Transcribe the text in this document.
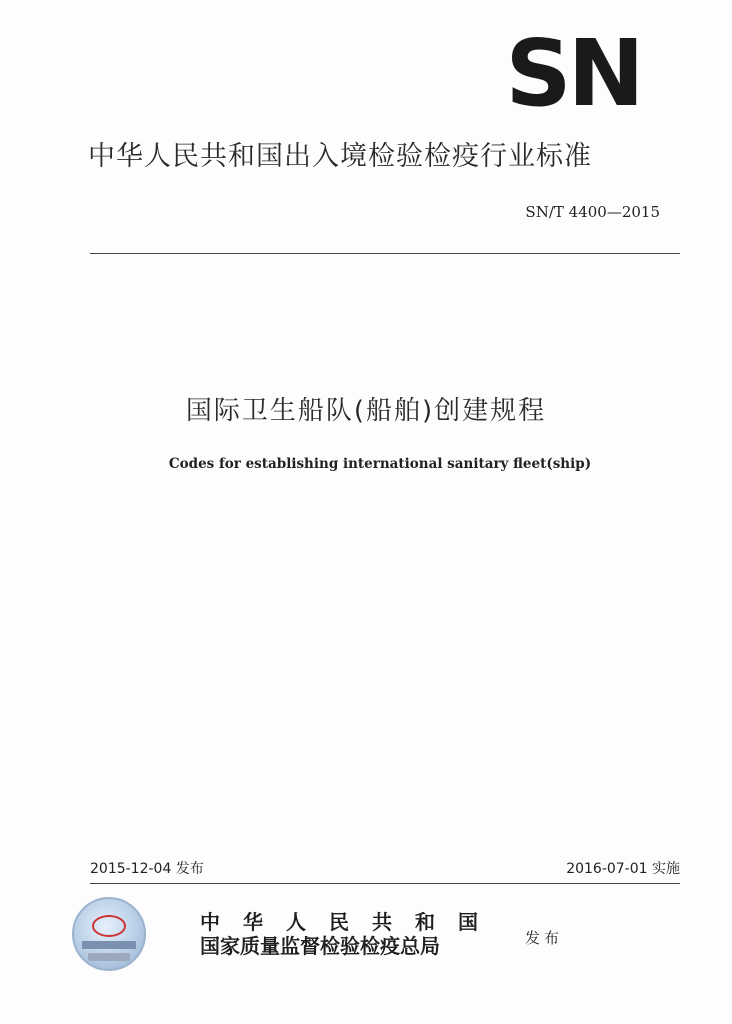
SN
中华人民共和国出入境检验检疫行业标准
SN/T 4400—2015
国际卫生船队(船舶)创建规程
Codes for establishing international sanitary fleet(ship)
2015-12-04 发布	2016-07-01 实施
中华人民共和国
国家质量监督检验检疫总局	发布
